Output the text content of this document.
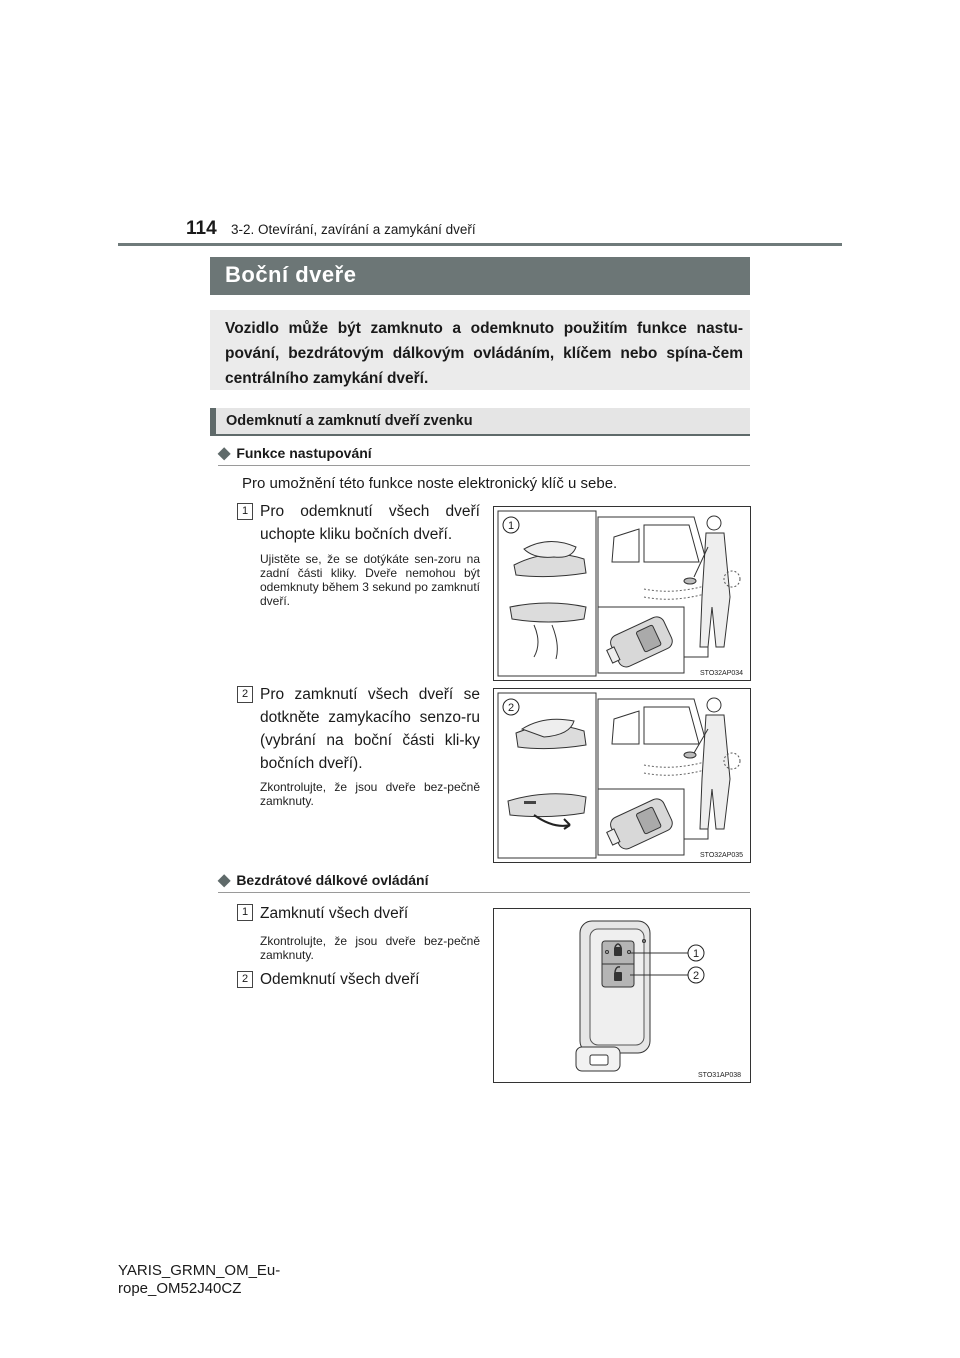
114 3-2. Otevírání, zavírání a zamykání dveří
Boční dveře
Vozidlo může být zamknuto a odemknuto použitím funkce nastu-pování, bezdrátovým dálkovým ovládáním, klíčem nebo spína-čem centrálního zamykání dveří.
Odemknutí a zamknutí dveří zvenku
◆ Funkce nastupování
Pro umožnění této funkce noste elektronický klíč u sebe.
1 Pro odemknutí všech dveří uchopte kliku bočních dveří.
Ujistěte se, že se dotýkáte sen-zoru na zadní části kliky. Dveře nemohou být odemknuty během 3 sekund po zamknutí dveří.
1
STO32AP034
2 Pro zamknutí všech dveří se dotkněte zamykacího senzo-ru (vybrání na boční části kli-ky bočních dveří).
Zkontrolujte, že jsou dveře bez-pečně zamknuty.
2
STO32AP035
◆ Bezdrátové dálkové ovládání
1 Zamknutí všech dveří
Zkontrolujte, že jsou dveře bez-pečně zamknuty.
2 Odemknutí všech dveří
1
2
STO31AP038
YARIS_GRMN_OM_Eu-
rope_OM52J40CZ
